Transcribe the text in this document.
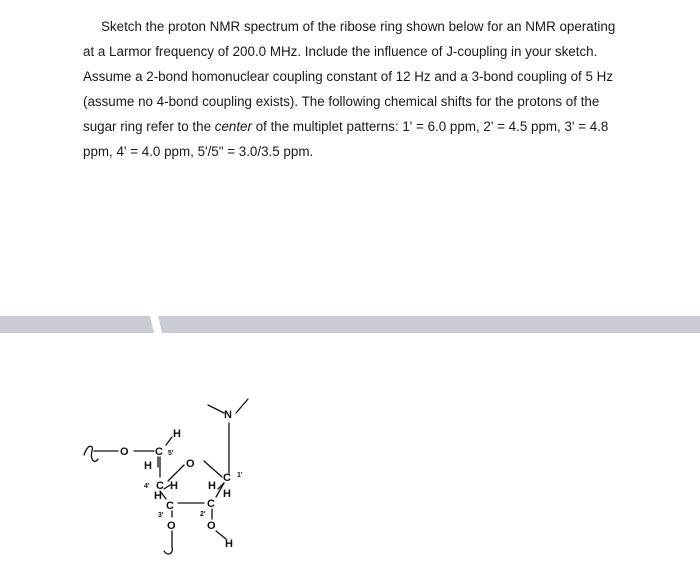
Sketch the proton NMR spectrum of the ribose ring shown below for an NMR operating
at a Larmor frequency of 200.0 MHz. Include the influence of J-coupling in your sketch.
Assume a 2-bond homonuclear coupling constant of 12 Hz and a 3-bond coupling of 5 Hz
(assume no 4-bond coupling exists). The following chemical shifts for the protons of the
sugar ring refer to the center of the multiplet patterns: 1' = 6.0 ppm, 2' = 4.5 ppm, 3' = 4.8
ppm, 4' = 4.0 ppm, 5'/5" = 3.0/3.5 ppm.

O C 5'
H
H	O
N
C
4' H
C
H
3'
C 1'
H
C
H
2'
O	O
H
